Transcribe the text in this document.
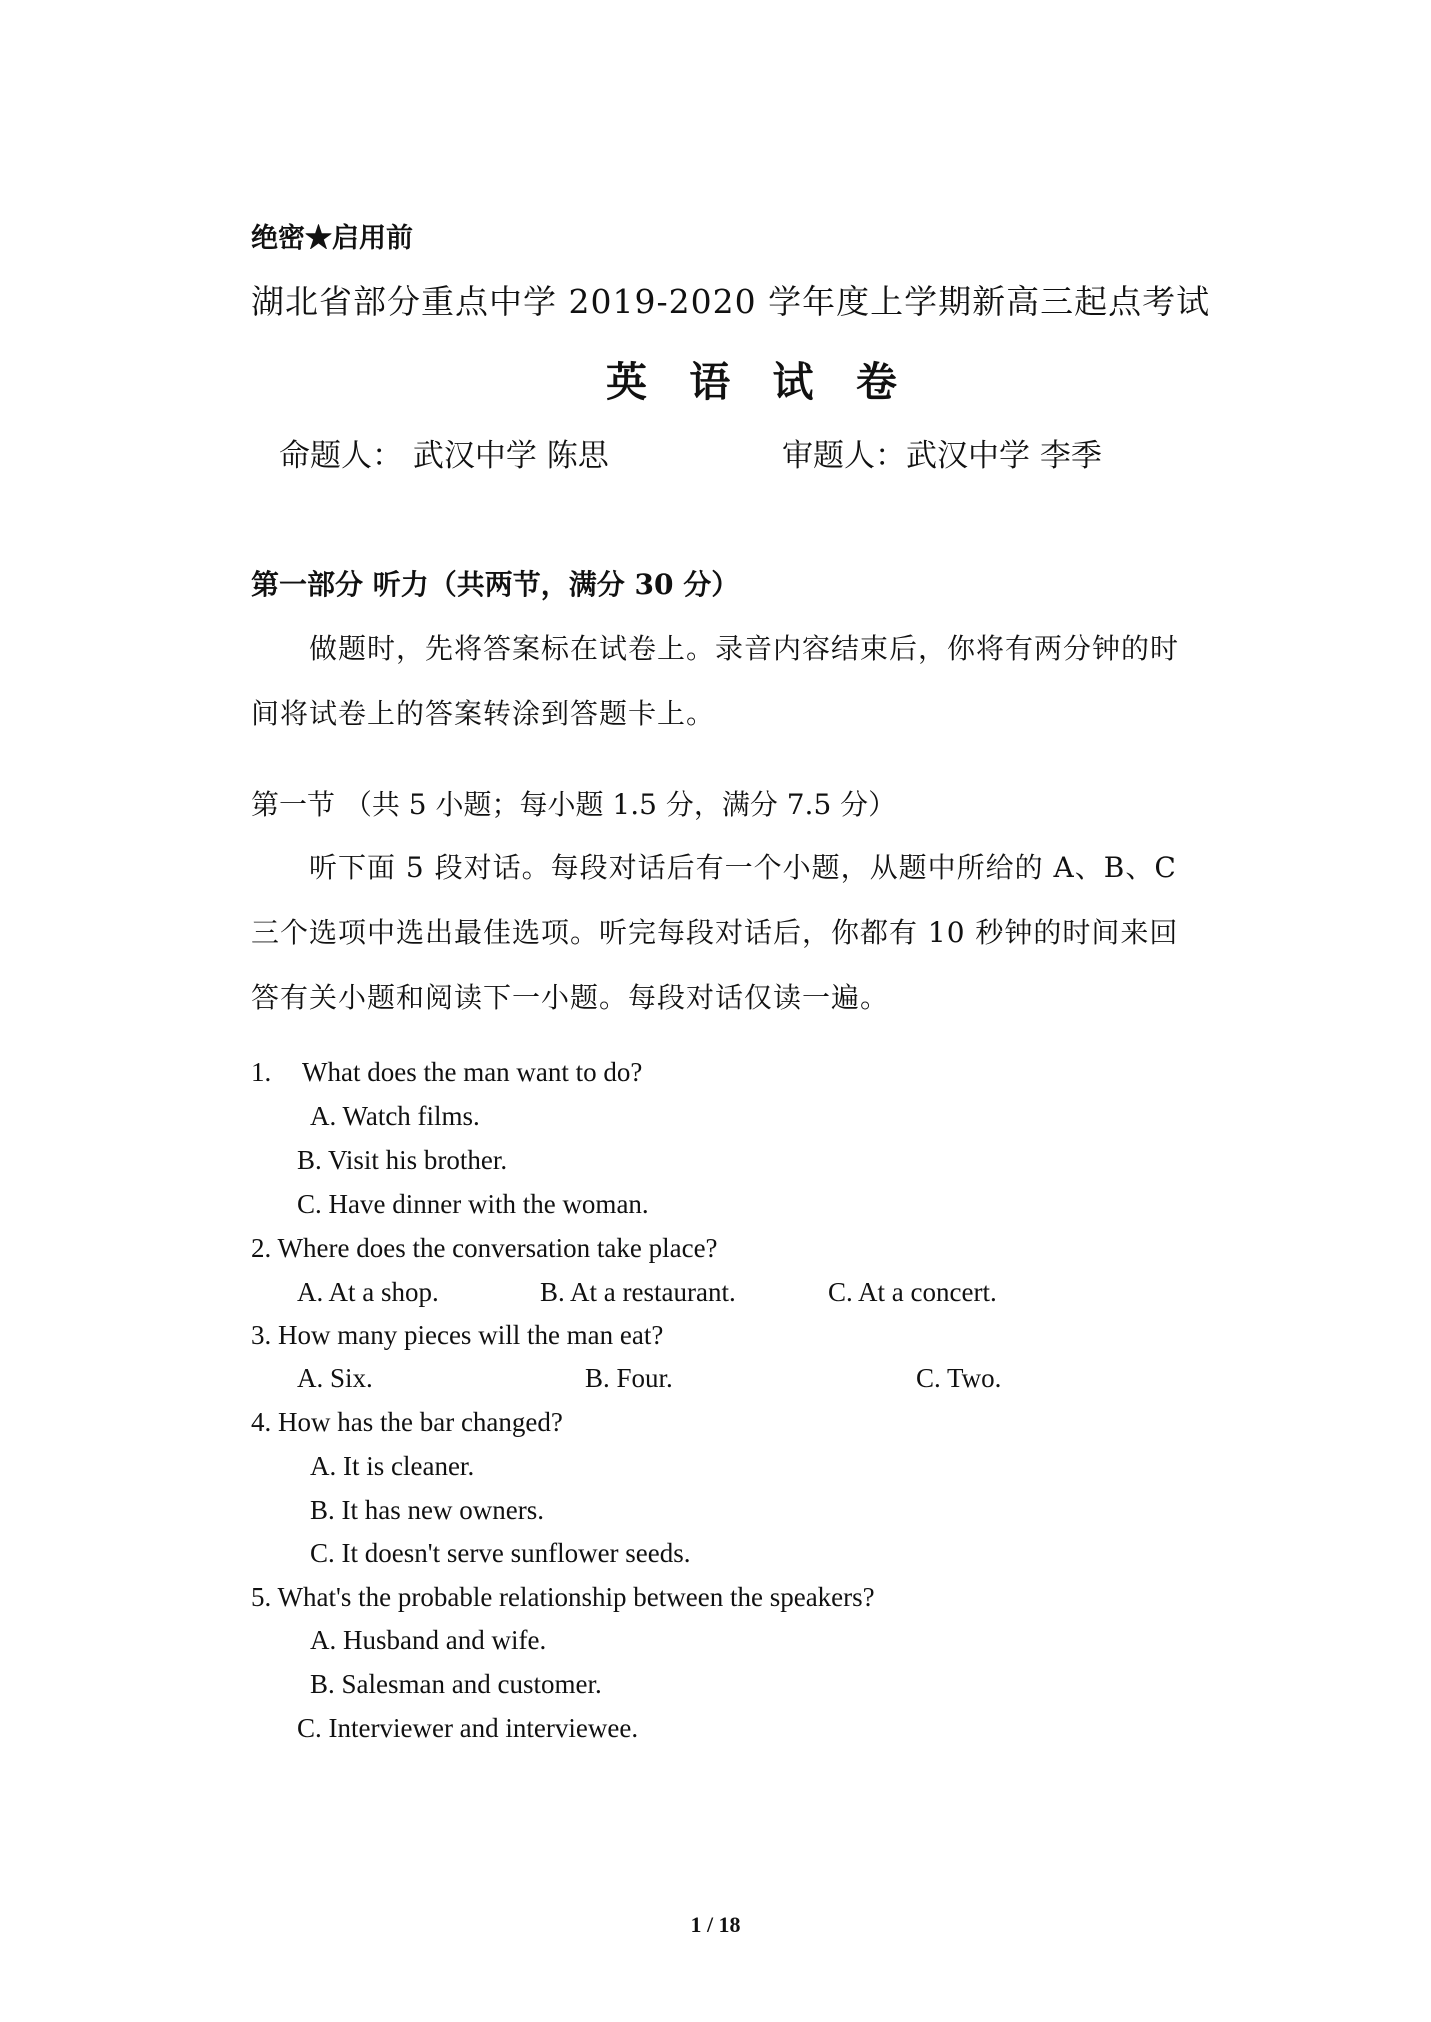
绝密★启用前
湖北省部分重点中学 2019-2020 学年度上学期新高三起点考试
英 语 试 卷
命题人： 武汉中学 陈思	审题人：武汉中学 李季
第一部分 听力（共两节，满分 30 分）
做题时，先将答案标在试卷上。录音内容结束后，你将有两分钟的时
间将试卷上的答案转涂到答题卡上。
第一节 （共 5 小题；每小题 1.5 分，满分 7.5 分）
听下面 5 段对话。每段对话后有一个小题，从题中所给的 A、B、C
三个选项中选出最佳选项。听完每段对话后，你都有 10 秒钟的时间来回
答有关小题和阅读下一小题。每段对话仅读一遍。
1. What does the man want to do?
A. Watch films.
B. Visit his brother.
C. Have dinner with the woman.
2. Where does the conversation take place?
A. At a shop.	B. At a restaurant.	C. At a concert.
3. How many pieces will the man eat?
A. Six.	B. Four.	C. Two.
4. How has the bar changed?
A. It is cleaner.
B. It has new owners.
C. It doesn't serve sunflower seeds.
5. What's the probable relationship between the speakers?
A. Husband and wife.
B. Salesman and customer.
C. Interviewer and interviewee.
1 / 18
